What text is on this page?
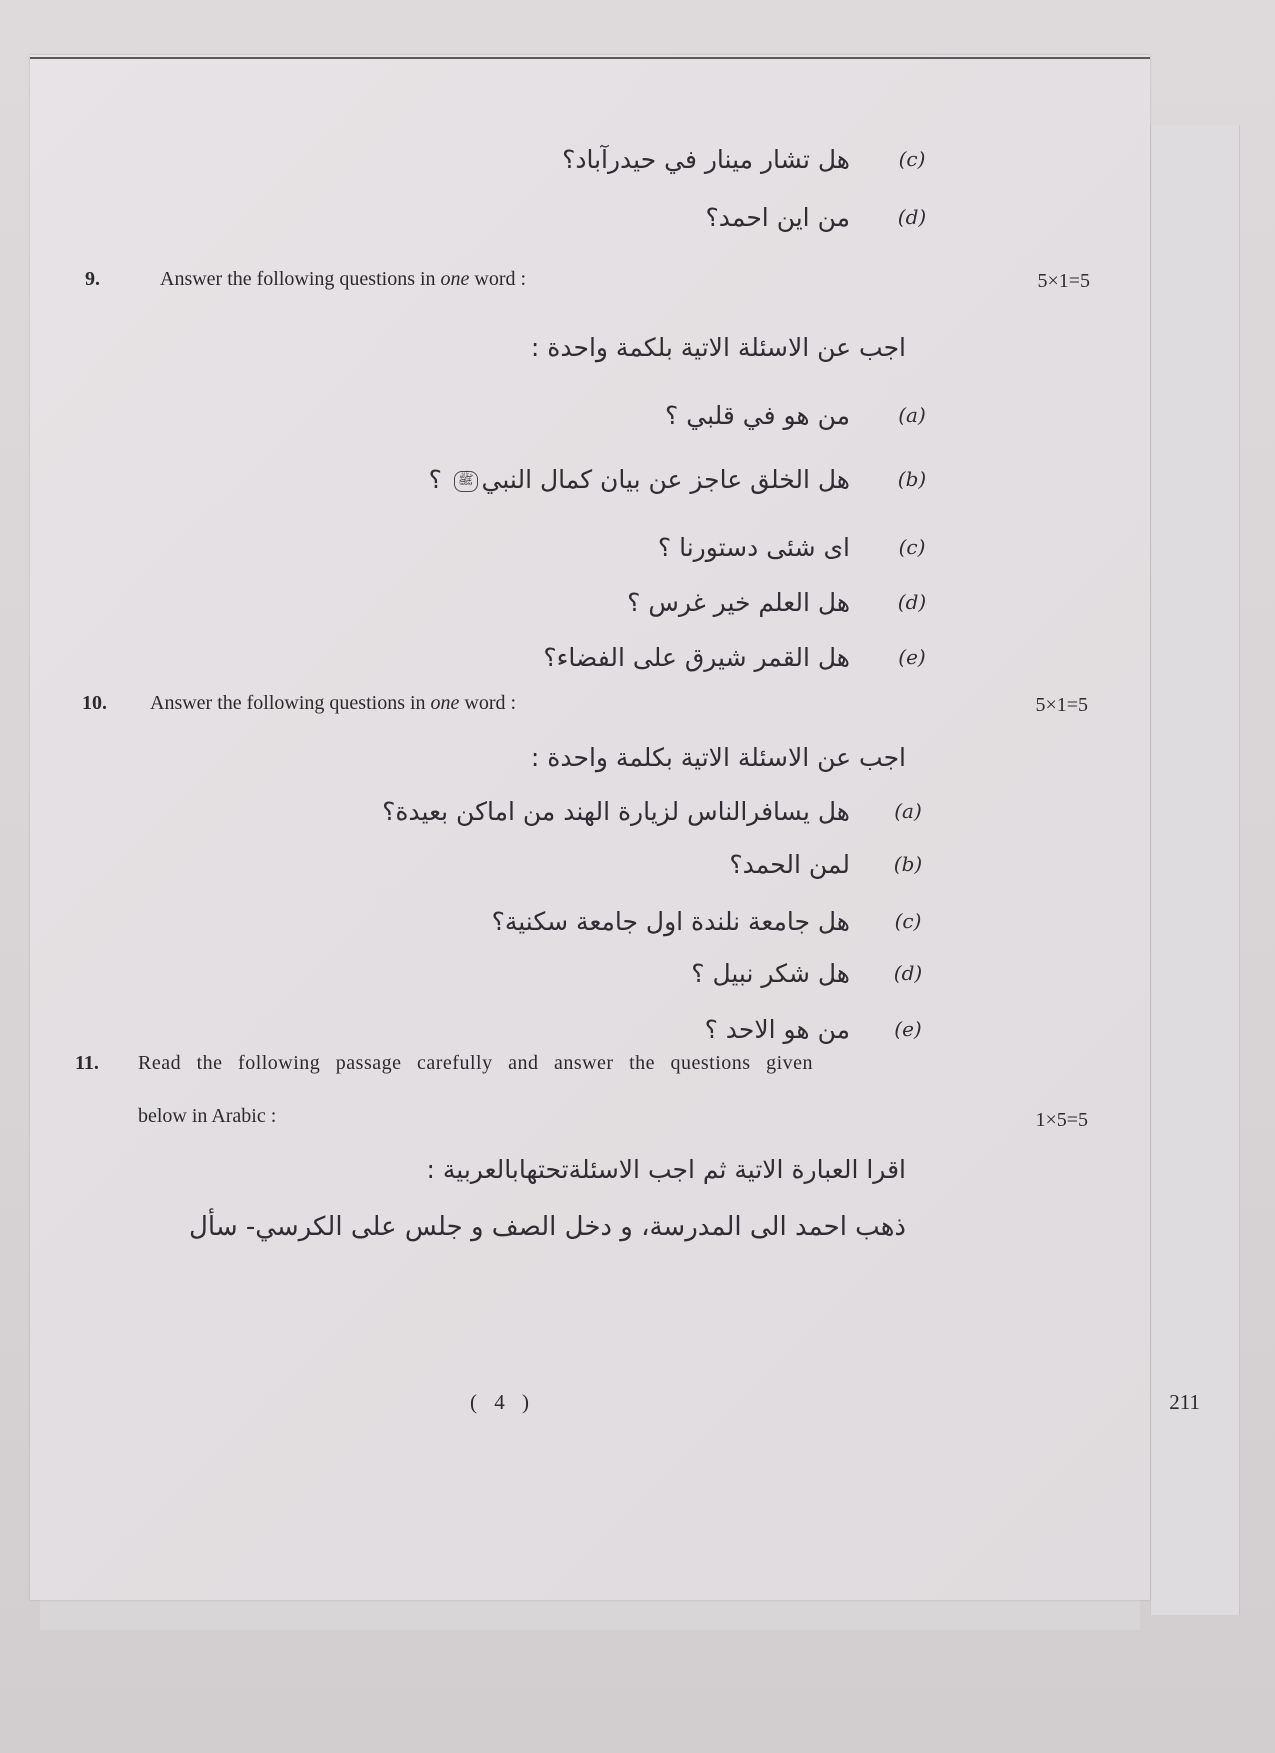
هل تشار مينار في حيدرآباد؟	(c)
من اين احمد؟ (d)
9.	Answer the following questions in one word :	5×1=5
اجب عن الاسئلة الاتية بلكمة واحدة :
من هو في قلبي ؟	(a)
هل الخلق عاجز عن بيان كمال النبيﷺ ؟	(b)
اى شئى دستورنا ؟	(c)
هل العلم خير غرس ؟ (d)
هل القمر شيرق على الفضاء؟	(e)
10. Answer the following questions in one word :	5×1=5
اجب عن الاسئلة الاتية بكلمة واحدة :
هل يسافرالناس لزيارة الهند من اماكن بعيدة؟	(a)
لمن الحمد؟ (b)
هل جامعة نلندة اول جامعة سكنية؟	(c)
هل شكر نبيل ؟ (d)
من هو الاحد ؟	(e)
11. Read the following passage carefully and answer the questions given
below in Arabic :	1×5=5
اقرا العبارة الاتية ثم اجب الاسئلةتحتهابالعربية :
ذهب احمد الى المدرسة، و دخل الصف و جلس على الكرسي- سأل
( 4 )	211
